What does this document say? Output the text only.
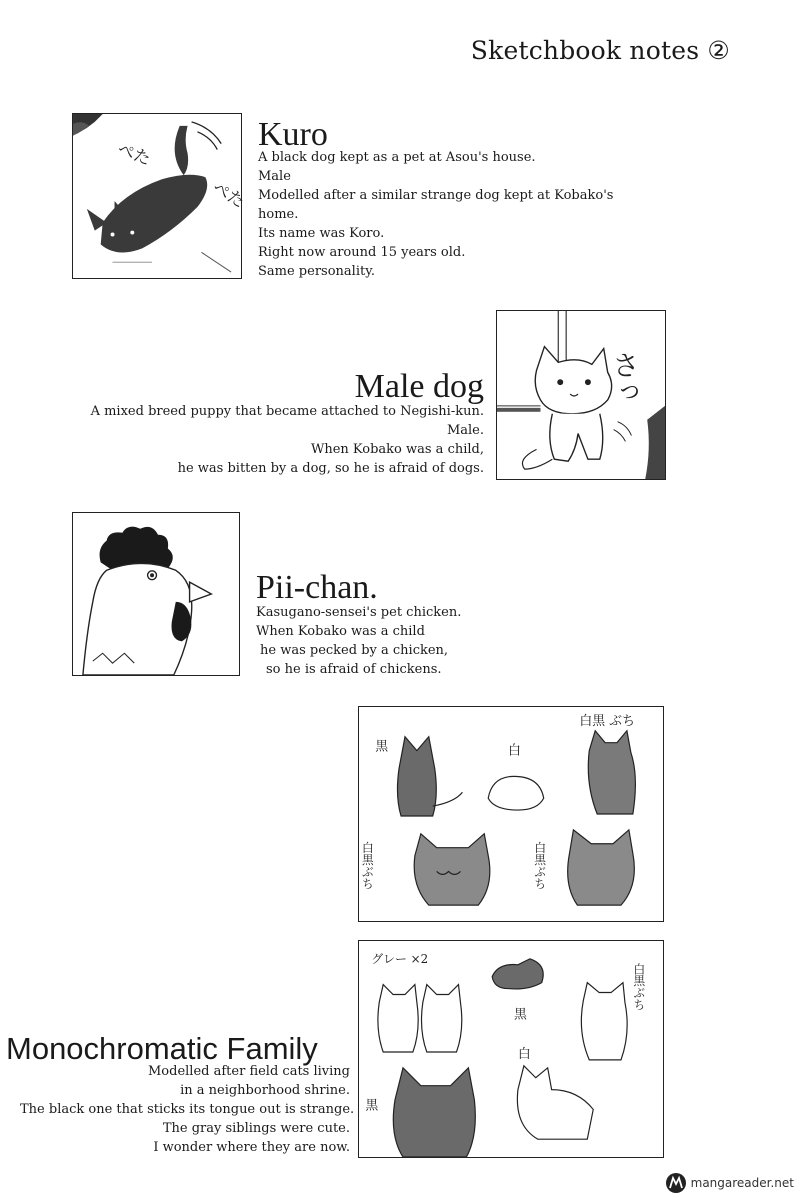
Sketchbook notes ②
ぺた
ぺた
Kuro
A black dog kept as a pet at Asou's house.
Male
Modelled after a similar strange dog kept at Kobako's
home.
Its name was Koro.
Right now around 15 years old.
Same personality.
Male dog
A mixed breed puppy that became attached to Negishi-kun.
Male.
When Kobako was a child,
he was bitten by a dog, so he is afraid of dogs.
さっ
Pii-chan.
Kasugano-sensei's pet chicken.
When Kobako was a child
he was pecked by a chicken,
so he is afraid of chickens.
黒	白
白黒 ぶち
白黒ぶち	白黒ぶち
グレー ×2
黒
白黒ぶち
白
黒
Monochromatic Family
Modelled after field cats living
in a neighborhood shrine.
The black one that sticks its tongue out is strange.
The gray siblings were cute.
I wonder where they are now.
mangareader.net
